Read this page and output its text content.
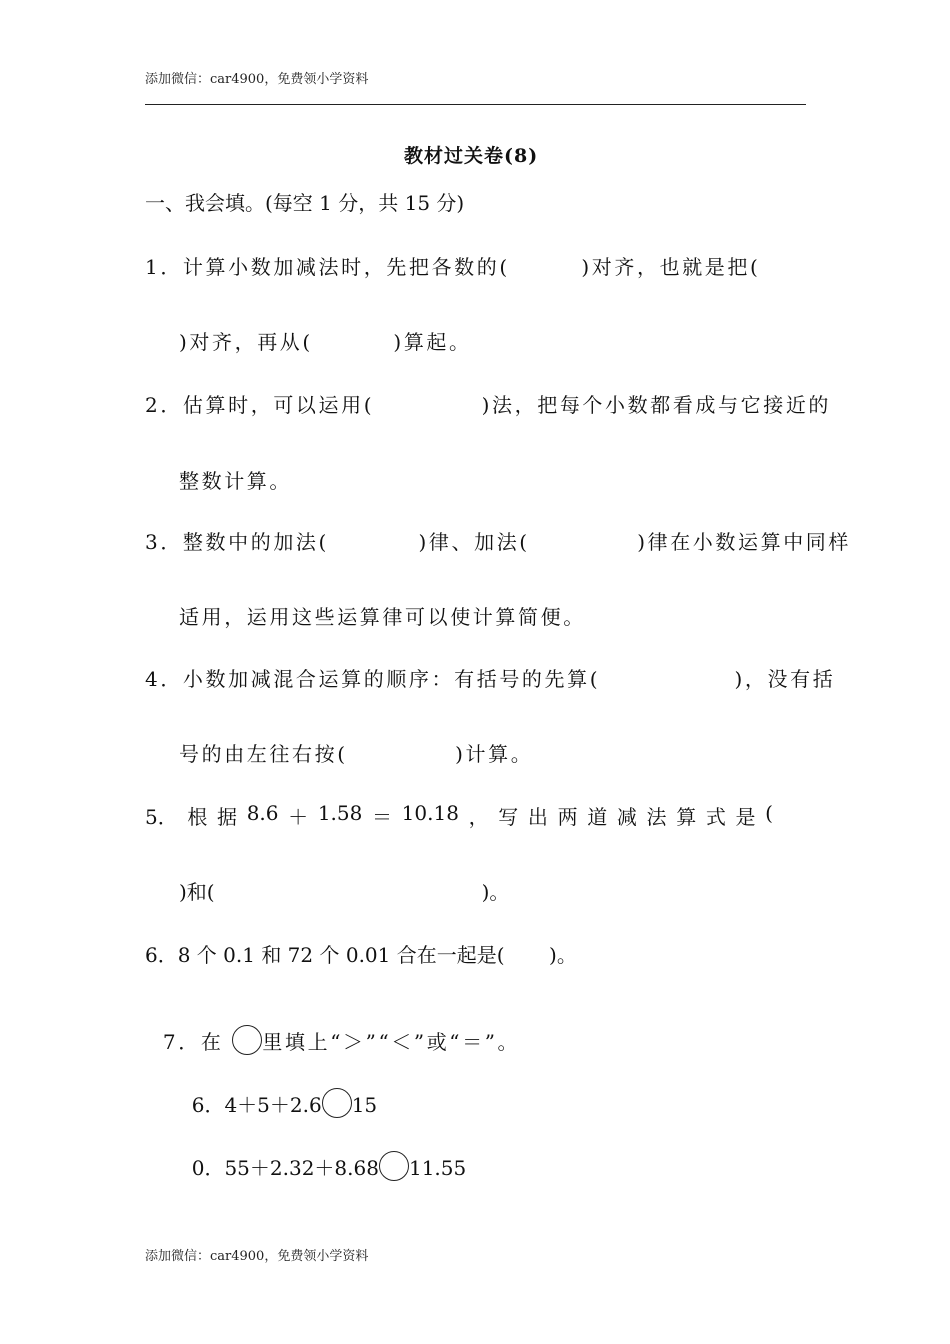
添加微信：car4900，免费领小学资料
教材过关卷(8)
一、我会填。(每空 1 分，共 15 分)
1．计算小数加减法时，先把各数的(        )对齐，也就是把(
)对齐，再从(         )算起。
2．估算时，可以运用(            )法，把每个小数都看成与它接近的
整数计算。
3．整数中的加法(          )律、加法(            )律在小数运算中同样
适用，运用这些运算律可以使计算简便。
4．小数加减混合运算的顺序：有括号的先算(               )，没有括
号的由左往右按(            )计算。
5． 根 据 8.6 ＋ 1.58 ＝ 10.18 ， 写 出 两 道 减 法 算 式 是 (
)和(                                          )。
6．8 个 0.1 和 72 个 0.01 合在一起是(       )。

7．在 里填上“＞”“＜”或“＝”。

6．4＋5＋2.6 15

0．55＋2.32＋8.68 11.55

添加微信：car4900，免费领小学资料
